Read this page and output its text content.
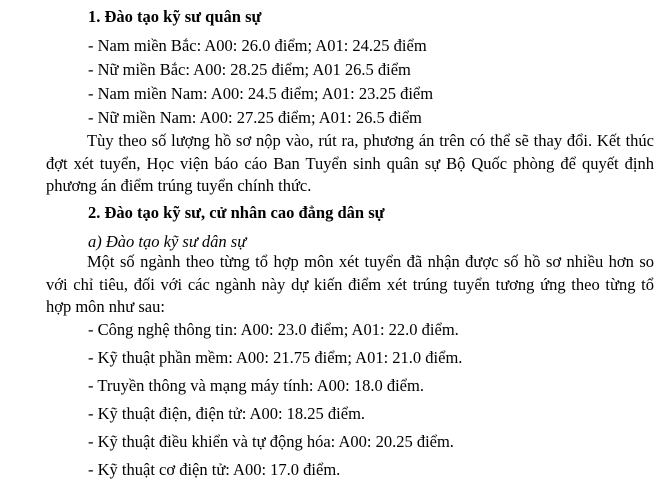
1. Đào tạo kỹ sư quân sự
- Nam miền Bắc: A00: 26.0 điểm; A01: 24.25 điểm
- Nữ miền Bắc: A00: 28.25 điểm; A01 26.5 điểm
- Nam miền Nam: A00: 24.5 điểm; A01: 23.25 điểm
- Nữ miền Nam: A00: 27.25 điểm; A01: 26.5 điểm
Tùy theo số lượng hồ sơ nộp vào, rút ra, phương án trên có thể sẽ thay đổi. Kết thúc đợt xét tuyển, Học viện báo cáo Ban Tuyển sinh quân sự Bộ Quốc phòng để quyết định phương án điểm trúng tuyển chính thức.
2. Đào tạo kỹ sư, cử nhân cao đẳng dân sự
a) Đào tạo kỹ sư dân sự
Một số ngành theo từng tổ hợp môn xét tuyển đã nhận được số hồ sơ nhiều hơn so với chỉ tiêu, đối với các ngành này dự kiến điểm xét trúng tuyển tương ứng theo từng tổ hợp môn như sau:
- Công nghệ thông tin: A00: 23.0 điểm; A01: 22.0 điểm.
- Kỹ thuật phần mềm: A00: 21.75 điểm; A01: 21.0 điểm.
- Truyền thông và mạng máy tính: A00: 18.0 điểm.
- Kỹ thuật điện, điện tử: A00: 18.25 điểm.
- Kỹ thuật điều khiển và tự động hóa: A00: 20.25 điểm.
- Kỹ thuật cơ điện tử: A00: 17.0 điểm.
